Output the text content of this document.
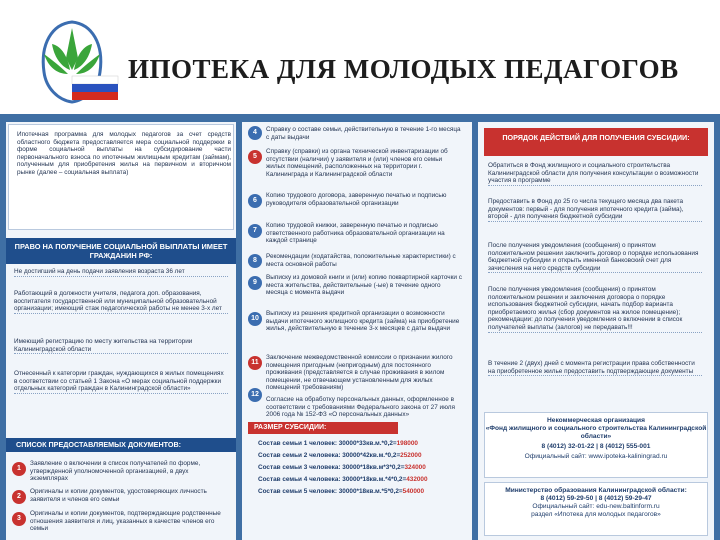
ИПОТЕКА ДЛЯ МОЛОДЫХ ПЕДАГОГОВ
Ипотечная программа для молодых педагогов за счет средств областного бюджета предоставляется мера социальной поддержки в форме социальной выплаты на субсидирование части первоначального взноса по ипотечным жилищным кредитам (займам), полученным для приобретения жилья на первичном и вторичном рынке (далее – социальная выплата)
ПРАВО НА ПОЛУЧЕНИЕ СОЦИАЛЬНОЙ ВЫПЛАТЫ ИМЕЕТ ГРАЖДАНИН РФ:
Не достигший на день подачи заявления возраста 36 лет
Работающий в должности учителя, педагога доп. образования, воспитателя государственной или муниципальной образовательной организации; имеющий стаж педагогической работы не менее 3-х лет
Имеющий регистрацию по месту жительства на территории Калининградской области
Отнесенный к категории граждан, нуждающихся в жилых помещениях в соответствии со статьей 1 Закона «О мерах социальной поддержки отдельных категорий граждан в Калининградской области»
СПИСОК ПРЕДОСТАВЛЯЕМЫХ ДОКУМЕНТОВ:
1
Заявление о включении в список получателей по форме, утвержденной уполномоченной организацией, в двух экземплярах
2
Оригиналы и копии документов, удостоверяющих личность заявителя и членов его семьи
3
Оригиналы и копии документов, подтверждающие родственные отношения заявителя и лиц, указанных в качестве членов его семьи
4	Справку о составе семьи, действительную в течение 1-го месяца с даты выдачи
5
Справку (справки) из органа технической инвентаризации об отсутствии (наличии) у заявителя и (или) членов его семьи жилых помещений, расположенных на территории г. Калининграда и Калининградской области
6
Копию трудового договора, заверенную печатью и подписью руководителя образовательной организации
7
Копию трудовой книжки, заверенную печатью и подписью ответственного работника образовательной организации на каждой странице
8
Рекомендации (ходатайства, положительные характеристики) с места основной работы
9
Выписку из домовой книги и (или) копию поквартирной карточки с места жительства, действительные (-ые) в течение одного месяца с момента выдачи
10
Выписку из решения кредитной организации о возможности выдачи ипотечного жилищного кредита (займа) на приобретение жилья, действительную в течение 3-х месяцев с даты выдачи
11
Заключение межведомственной комиссии о признании жилого помещения пригодным (непригодным) для постоянного проживания (представляется в случае проживания в жилом помещении, не отвечающем установленным для жилых помещений требованиям)
12
Согласие на обработку персональных данных, оформленное в соответствии с требованиями Федерального закона от 27 июля 2006 года № 152-ФЗ «О персональных данных»
РАЗМЕР СУБСИДИИ:
Состав семьи 1 человек: 30000*33кв.м.*0,2=198000
Состав семьи 2 человека: 30000*42кв.м.*0,2=252000
Состав семьи 3 человека: 30000*18кв.м*3*0,2=324000
Состав семьи 4 человека: 30000*18кв.м.*4*0,2=432000
Состав семьи 5 человек: 30000*18кв.м.*5*0,2=540000
ПОРЯДОК ДЕЙСТВИЙ ДЛЯ ПОЛУЧЕНИЯ СУБСИДИИ:
Обратиться в Фонд жилищного и социального строительства Калининградской области для получения консультации о возможности участия в программе
Предоставить в Фонд до 25 го числа текущего месяца два пакета документов: первый - для получения ипотечного кредита (займа), второй - для получения бюджетной субсидии
После получения уведомления (сообщения) о принятом положительном решении заключить договор о порядке использования бюджетной субсидии и открыть именной банковский счет для зачисления на него средств субсидии
После получения уведомления (сообщения) о принятом положительном решении и заключения договора о порядке использования бюджетной субсидии, начать подбор варианта приобретаемого жилья (сбор документов на жилое помещение); рекомендации: до получения уведомления о включении в список получателей выплаты (залогов) не передавать!!!
В течение 2 (двух) дней с момента регистрации права собственности на приобретенное жилье предоставить подтверждающие документы
Некоммерческая организация
«Фонд жилищного и социального строительства Калининградской области»
8 (4012) 32-01-22 | 8 (4012) 555-001
Официальный сайт: www.ipoteka-kaliningrad.ru
Министерство образования Калининградской области:
8 (4012) 59-29-50 | 8 (4012) 59-29-47
Официальный сайт: edu-new.baltinform.ru
раздел «Ипотека для молодых педагогов»
